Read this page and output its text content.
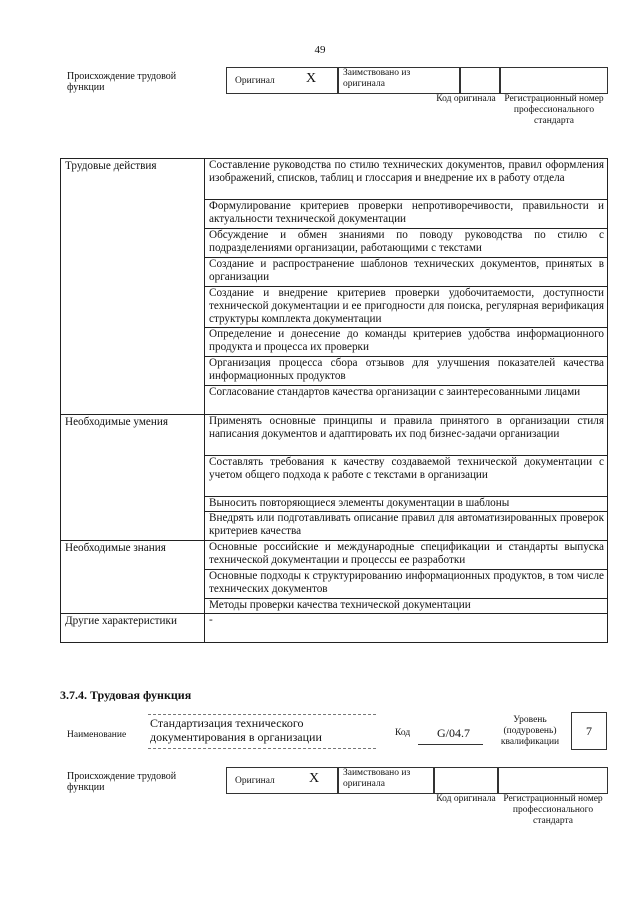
49
Происхождение трудовой функции
Оригинал X	Заимствовано из оригинала
Код оригинала Регистрационный номер профессионального стандарта
Трудовые действия	Составление руководства по стилю технических документов, правил оформления изображений, списков, таблиц и глоссария и внедрение их в работу отдела
	Формулирование критериев проверки непротиворечивости, правильности и актуальности технической документации
	Обсуждение и обмен знаниями по поводу руководства по стилю с подразделениями организации, работающими с текстами
	Создание и распространение шаблонов технических документов, принятых в организации
	Создание и внедрение критериев проверки удобочитаемости, доступности технической документации и ее пригодности для поиска, регулярная верификация структуры комплекта документации
	Определение и донесение до команды критериев удобства информационного продукта и процесса их проверки
	Организация процесса сбора отзывов для улучшения показателей качества информационных продуктов
	Согласование стандартов качества организации с заинтересованными лицами
Необходимые умения	Применять основные принципы и правила принятого в организации стиля написания документов и адаптировать их под бизнес-задачи организации
	Составлять требования к качеству создаваемой технической документации с учетом общего подхода к работе с текстами в организации
	Выносить повторяющиеся элементы документации в шаблоны
	Внедрять или подготавливать описание правил для автоматизированных проверок критериев качества
Необходимые знания	Основные российские и международные спецификации и стандарты выпуска технической документации и процессы ее разработки
	Основные подходы к структурированию информационных продуктов, в том числе технических документов
	Методы проверки качества технической документации
Другие характеристики	-
3.7.4. Трудовая функция
Наименование
Стандартизация технического документирования в организации	Код G/04.7
Уровень (подуровень) квалификации
7
Происхождение трудовой функции
Оригинал X	Заимствовано из оригинала
Код оригинала Регистрационный номер профессионального стандарта
